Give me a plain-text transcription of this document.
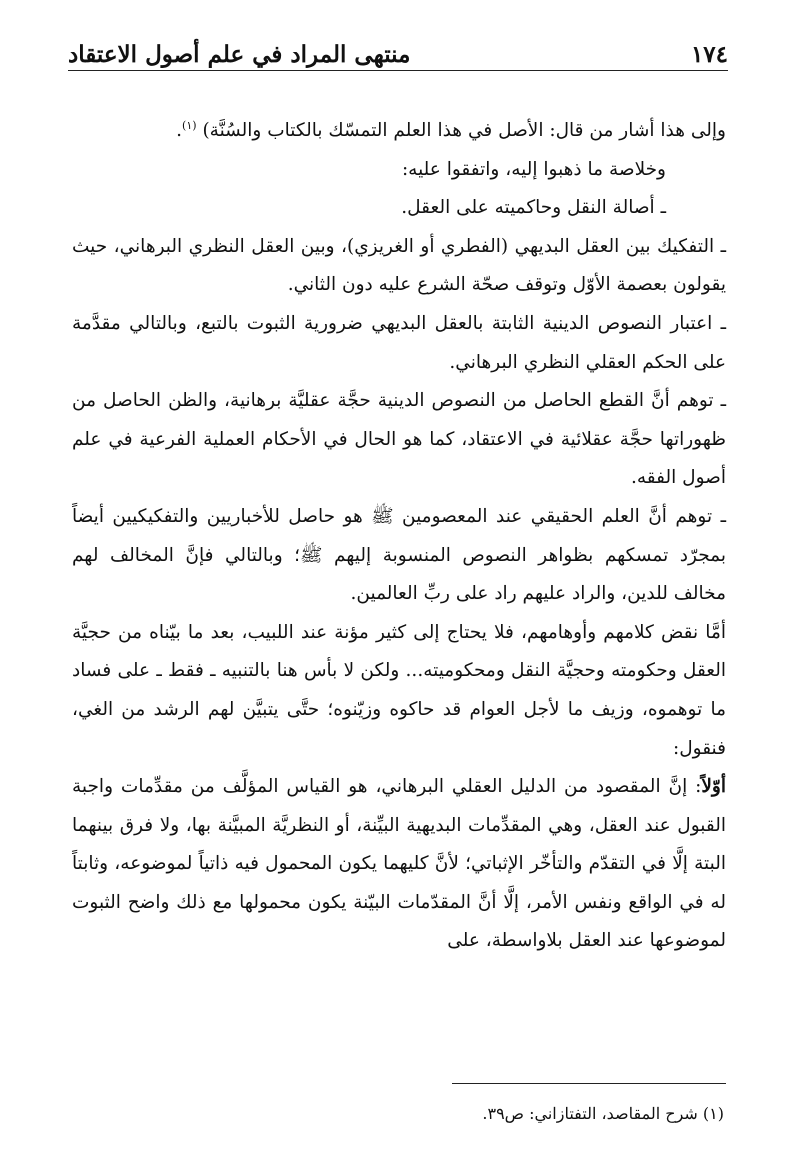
١٧٤
منتهى المراد في علم أصول الاعتقاد

وإلى هذا أشار من قال: الأصل في هذا العلم التمسّك بالكتاب والسُنَّة) $^{(١)}$.

وخلاصة ما ذهبوا إليه، واتفقوا عليه:

ـ أصالة النقل وحاكميته على العقل.

ـ التفكيك بين العقل البديهي (الفطري أو الغريزي)، وبين العقل النظري البرهاني، حيث يقولون بعصمة الأوّل وتوقف صحّة الشرع عليه دون الثاني.

ـ اعتبار النصوص الدينية الثابتة بالعقل البديهي ضرورية الثبوت بالتبع، وبالتالي مقدَّمة على الحكم العقلي النظري البرهاني.

ـ توهم أنَّ القطع الحاصل من النصوص الدينية حجَّة عقليَّة برهانية، والظن الحاصل من ظهوراتها حجَّة عقلائية في الاعتقاد، كما هو الحال في الأحكام العملية الفرعية في علم أصول الفقه.

ـ توهم أنَّ العلم الحقيقي عند المعصومين ﷺ هو حاصل للأخباريين والتفكيكيين أيضاً بمجرّد تمسكهم بظواهر النصوص المنسوبة إليهم ﷺ؛ وبالتالي فإنَّ المخالف لهم مخالف للدين، والراد عليهم راد على ربِّ العالمين.

أمَّا نقض كلامهم وأوهامهم، فلا يحتاج إلى كثير مؤنة عند اللبيب، بعد ما بيّناه من حجيَّة العقل وحكومته وحجيَّة النقل ومحكوميته... ولكن لا بأس هنا بالتنبيه ـ فقط ـ على فساد ما توهموه، وزيف ما لأجل العوام قد حاكوه وزيّنوه؛ حتَّى يتبيَّن لهم الرشد من الغي، فنقول:

أوّلاً: إنَّ المقصود من الدليل العقلي البرهاني، هو القياس المؤلَّف من مقدِّمات واجبة القبول عند العقل، وهي المقدِّمات البديهية البيِّنة، أو النظريَّة المبيَّنة بها، ولا فرق بينهما البتة إلَّا في التقدّم والتأخّر الإثباتي؛ لأنَّ كليهما يكون المحمول فيه ذاتياً لموضوعه، وثابتاً له في الواقع ونفس الأمر، إلَّا أنَّ المقدّمات البيّنة يكون محمولها مع ذلك واضح الثبوت لموضوعها عند العقل بلاواسطة، على

(١) شرح المقاصد، التفتازاني: ص٣٩.
